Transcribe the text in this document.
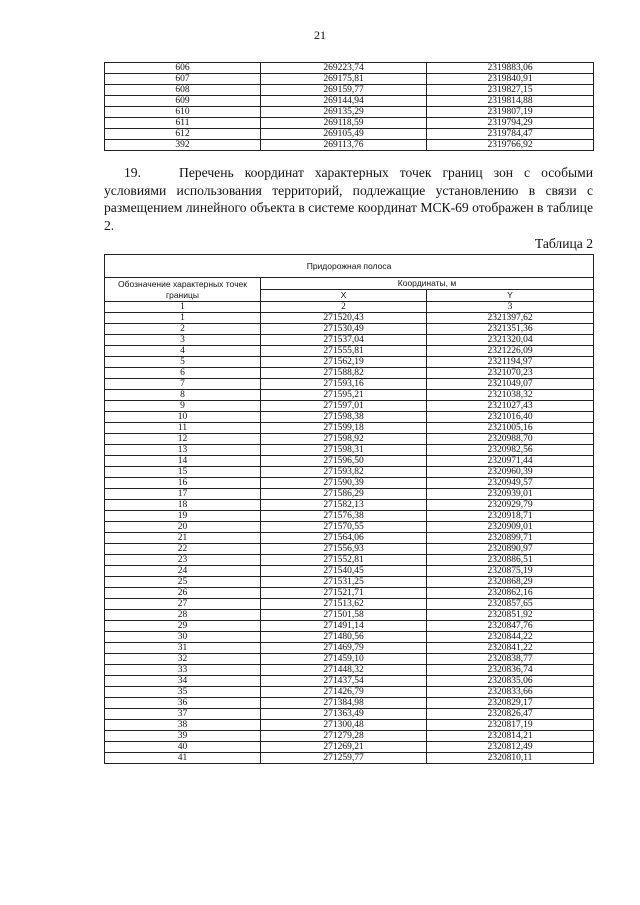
21
606	269223,74	2319883,06
607	269175,81	2319840,91
608	269159,77	2319827,15
609	269144,94	2319814,88
610	269135,29	2319807,19
611	269118,59	2319794,29
612	269105,49	2319784,47
392	269113,76	2319766,92
19.	Перечень координат характерных точек границ зон с особыми условиями использования территорий, подлежащие установлению в связи с размещением линейного объекта в системе координат МСК-69 отображен в таблице 2.
Таблица 2
Придорожная полоса		
Обозначение характерных точек границы	Координаты, м	
	X	Y
1	2	3
1	271520,43	2321397,62
2	271530,49	2321351,36
3	271537,04	2321320,04
4	271555,81	2321226,09
5	271562,19	2321194,97
6	271588,82	2321070,23
7	271593,16	2321049,07
8	271595,21	2321038,32
9	271597,01	2321027,43
10	271598,38	2321016,40
11	271599,18	2321005,16
12	271598,92	2320988,70
13	271598,31	2320982,56
14	271596,50	2320971,44
15	271593,82	2320960,39
16	271590,39	2320949,57
17	271586,29	2320939,01
18	271582,13	2320929,79
19	271576,38	2320918,71
20	271570,55	2320909,01
21	271564,06	2320899,71
22	271556,93	2320890,97
23	271552,81	2320886,51
24	271540,45	2320875,19
25	271531,25	2320868,29
26	271521,71	2320862,16
27	271513,62	2320857,65
28	271501,58	2320851,92
29	271491,14	2320847,76
30	271480,56	2320844,22
31	271469,79	2320841,22
32	271459,10	2320838,77
33	271448,32	2320836,74
34	271437,54	2320835,06
35	271426,79	2320833,66
36	271384,98	2320829,17
37	271363,49	2320826,47
38	271300,48	2320817,19
39	271279,28	2320814,21
40	271269,21	2320812,49
41	271259,77	2320810,11
